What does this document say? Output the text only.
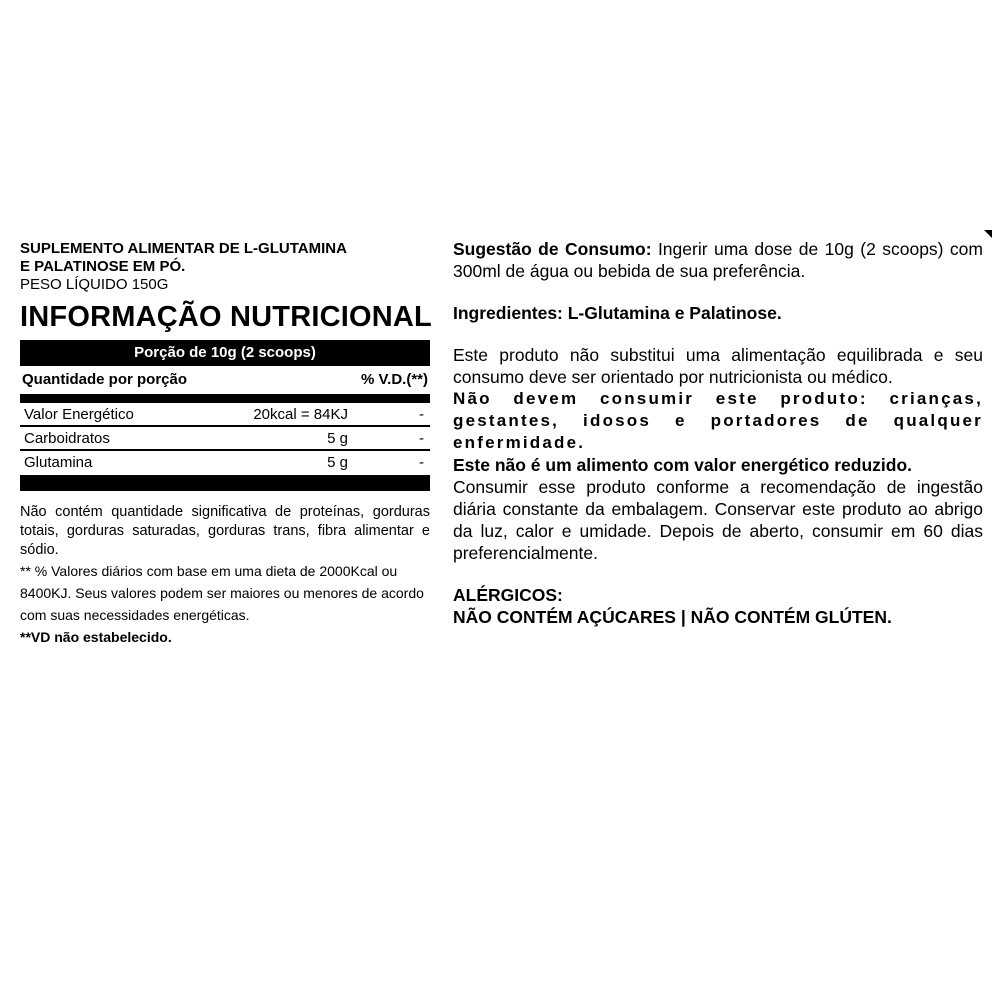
SUPLEMENTO ALIMENTAR DE L-GLUTAMINA

E PALATINOSE EM PÓ.

PESO LÍQUIDO 150G

INFORMAÇÃO NUTRICIONAL
Porção de 10g (2 scoops)
Quantidade por porção	% V.D.(**)
Valor Energético	20kcal = 84KJ	-
Carboidratos	5 g	-
Glutamina	5 g	-

Não contém quantidade significativa de proteínas, gorduras totais, gorduras saturadas, gorduras trans, fibra alimentar e sódio.

** % Valores diários com base em uma dieta de 2000Kcal ou 8400KJ. Seus valores podem ser maiores ou menores de acordo com suas necessidades energéticas.

**VD não estabelecido.

Sugestão de Consumo: Ingerir uma dose de 10g (2 scoops) com 300ml de água ou bebida de sua preferência.

Ingredientes: L-Glutamina e Palatinose.

Este produto não substitui uma alimentação equilibrada e seu consumo deve ser orientado por nutricionista ou médico.

Não devem consumir este produto: crianças, gestantes, idosos e portadores de qualquer enfermidade.

Este não é um alimento com valor energético reduzido.

Consumir esse produto conforme a recomendação de ingestão diária constante da embalagem. Conservar este produto ao abrigo da luz, calor e umidade. Depois de aberto, consumir em 60 dias preferencialmente.

ALÉRGICOS:

NÃO CONTÉM AÇÚCARES | NÃO CONTÉM GLÚTEN.
